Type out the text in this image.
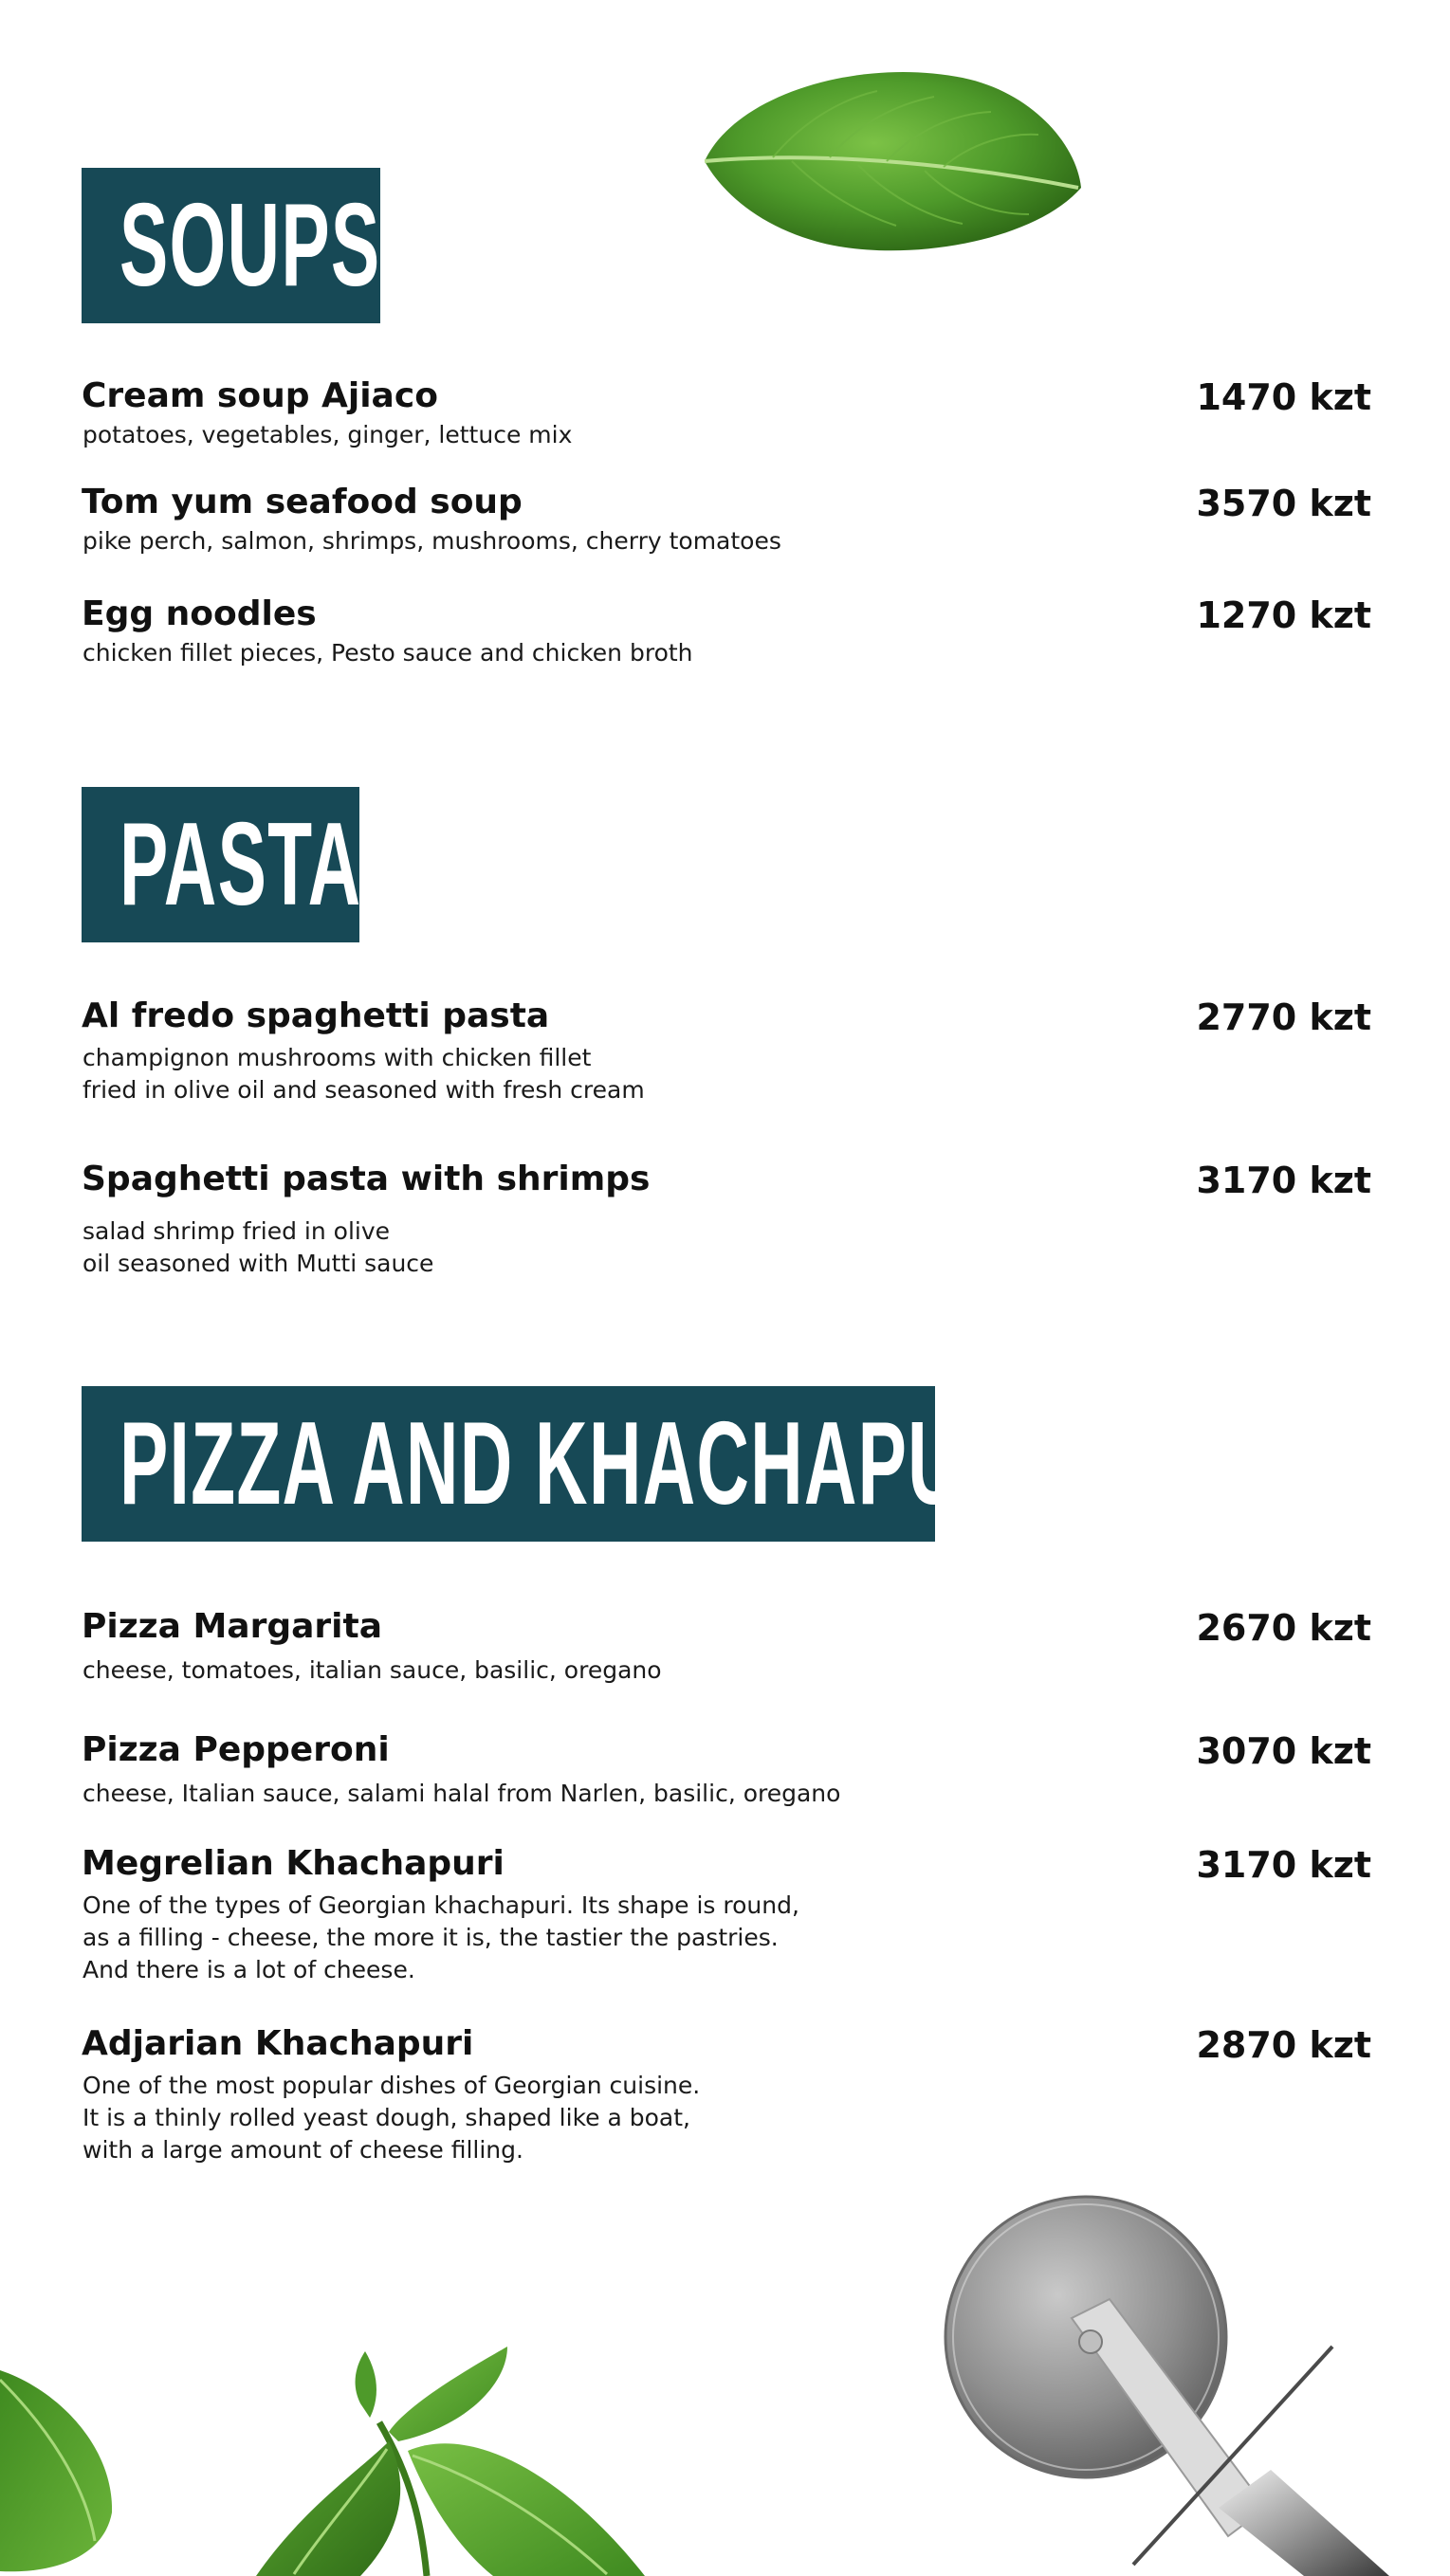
SOUPS
PASTA
PIZZA AND KHACHAPURI
Cream soup Ajiaco	1470 kzt
potatoes, vegetables, ginger, lettuce mix
Tom yum seafood soup	3570 kzt
pike perch, salmon, shrimps, mushrooms, cherry tomatoes
Egg noodles	1270 kzt
chicken fillet pieces, Pesto sauce and chicken broth
Al fredo spaghetti pasta	2770 kzt
champignon mushrooms with chicken fillet
fried in olive oil and seasoned with fresh cream
Spaghetti pasta with shrimps	3170 kzt
salad shrimp fried in olive
oil seasoned with Mutti sauce
Pizza Margarita	2670 kzt
cheese, tomatoes, italian sauce, basilic, oregano
Pizza Pepperoni	3070 kzt
cheese, Italian sauce, salami halal from Narlen, basilic, oregano
Megrelian Khachapuri	3170 kzt
One of the types of Georgian khachapuri. Its shape is round,
as a filling - cheese, the more it is, the tastier the pastries.
And there is a lot of cheese.
Adjarian Khachapuri	2870 kzt
One of the most popular dishes of Georgian cuisine.
It is a thinly rolled yeast dough, shaped like a boat,
with a large amount of cheese filling.
